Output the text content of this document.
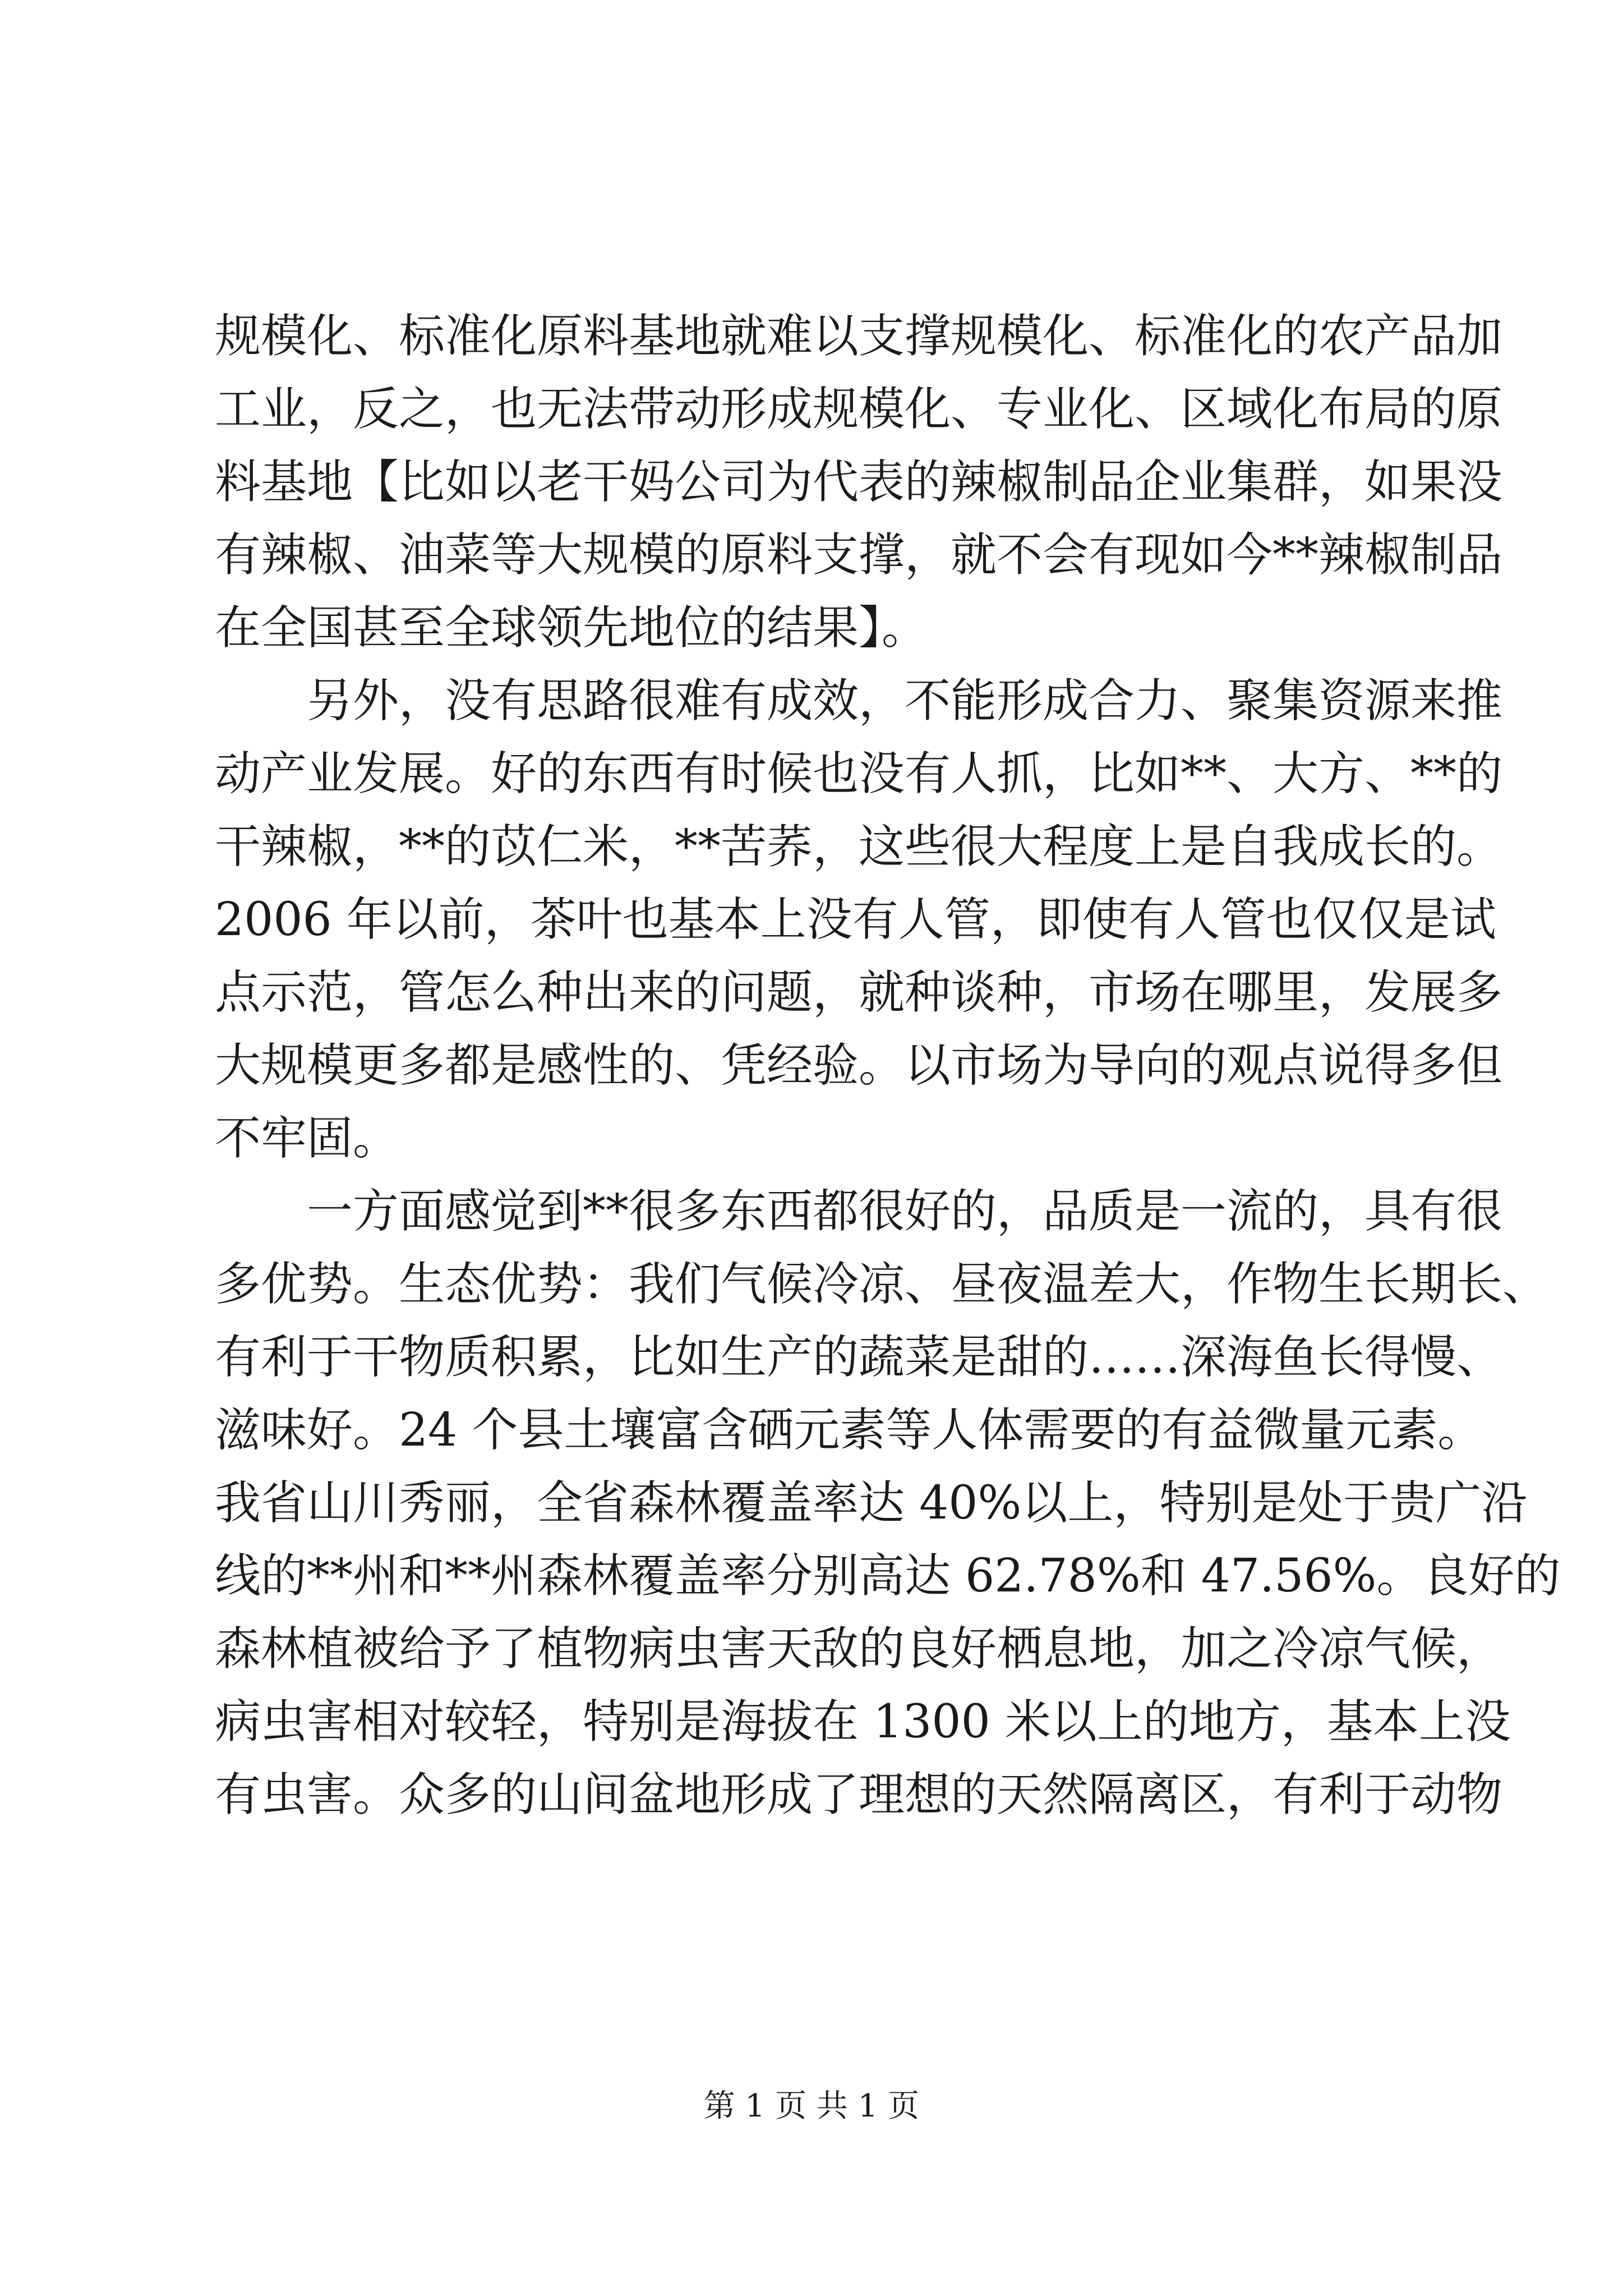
规模化、标准化原料基地就难以支撑规模化、标准化的农产品加
工业，反之，也无法带动形成规模化、专业化、区域化布局的原
料基地【比如以老干妈公司为代表的辣椒制品企业集群，如果没
有辣椒、油菜等大规模的原料支撑，就不会有现如今**辣椒制品
在全国甚至全球领先地位的结果】。
另外，没有思路很难有成效，不能形成合力、聚集资源来推
动产业发展。好的东西有时候也没有人抓，比如**、大方、**的
干辣椒，**的苡仁米，**苦荞，这些很大程度上是自我成长的。
2006 年以前，茶叶也基本上没有人管，即使有人管也仅仅是试
点示范，管怎么种出来的问题，就种谈种，市场在哪里，发展多
大规模更多都是感性的、凭经验。以市场为导向的观点说得多但
不牢固。
一方面感觉到**很多东西都很好的，品质是一流的，具有很
多优势。生态优势：我们气候冷凉、昼夜温差大，作物生长期长、
有利于干物质积累，比如生产的蔬菜是甜的……深海鱼长得慢、
滋味好。24 个县土壤富含硒元素等人体需要的有益微量元素。
我省山川秀丽，全省森林覆盖率达 40%以上，特别是处于贵广沿
线的**州和**州森林覆盖率分别高达 62.78%和 47.56%。良好的
森林植被给予了植物病虫害天敌的良好栖息地，加之冷凉气候，
病虫害相对较轻，特别是海拔在 1300 米以上的地方，基本上没
有虫害。众多的山间盆地形成了理想的天然隔离区，有利于动物
第 1 页 共 1 页
